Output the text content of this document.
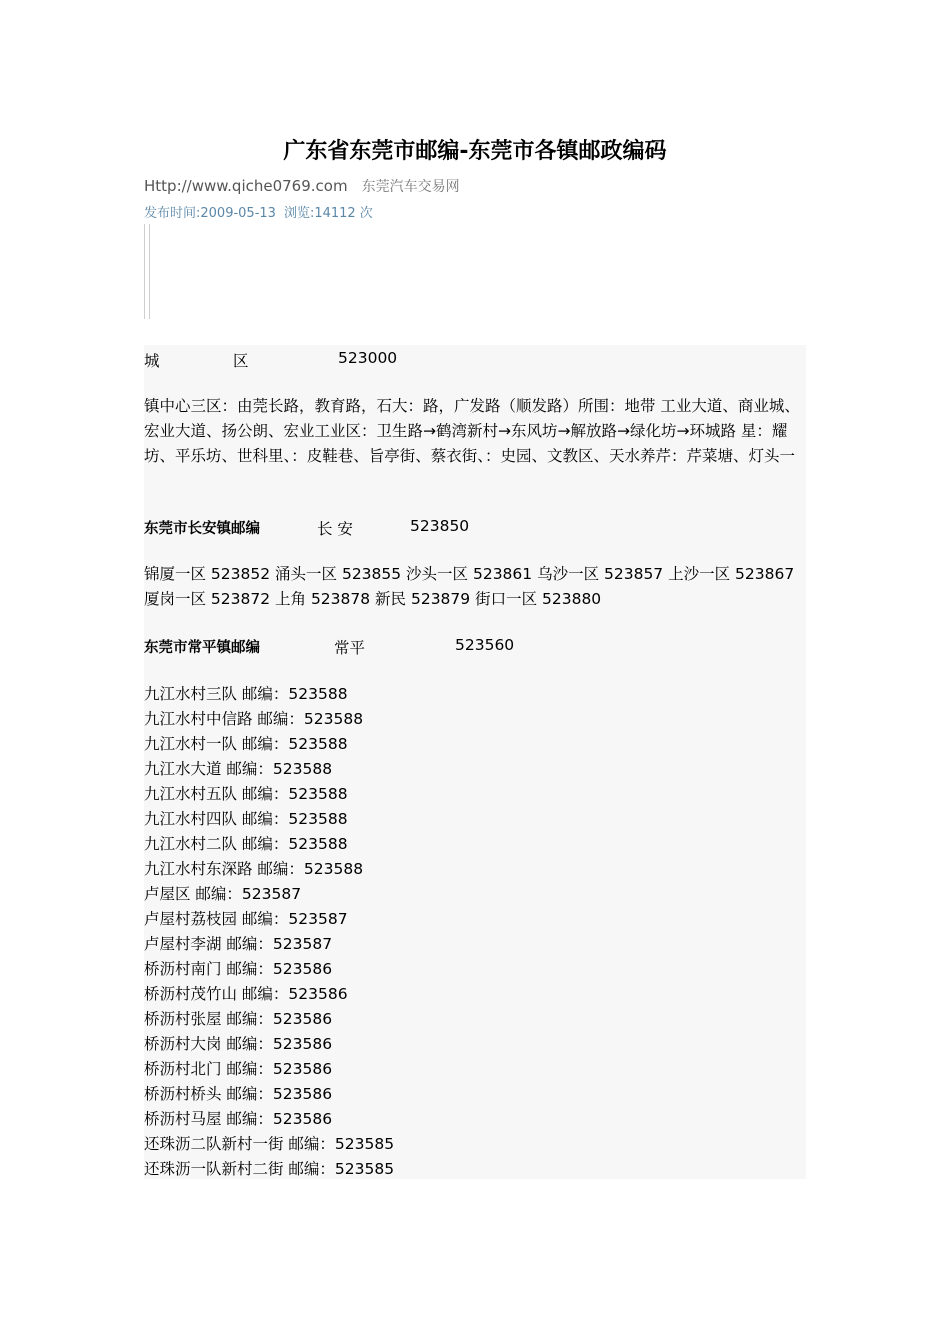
广东省东莞市邮编-东莞市各镇邮政编码
Http://www.qiche0769.com 东莞汽车交易网
发布时间:2009-05-13 浏览:14112 次
城	区	523000
镇中心三区：由莞长路，教育路，石大：路，广发路（顺发路）所围：地带 工业大道、商业城、宏业大道、扬公朗、宏业工业区：卫生路→鹤湾新村→东风坊→解放路→绿化坊→环城路 星：耀坊、平乐坊、世科里、：皮鞋巷、旨亭街、蔡衣街、：史园、文教区、天水养芹：芹菜塘、灯头一
东莞市长安镇邮编	长 安	523850
锦厦一区 523852 涌头一区 523855 沙头一区 523861 乌沙一区 523857 上沙一区 523867 厦岗一区 523872 上角 523878 新民 523879 街口一区 523880
东莞市常平镇邮编	常平	523560
九江水村三队 邮编：523588
九江水村中信路 邮编：523588
九江水村一队 邮编：523588
九江水大道 邮编：523588
九江水村五队 邮编：523588
九江水村四队 邮编：523588
九江水村二队 邮编：523588
九江水村东深路 邮编：523588
卢屋区 邮编：523587
卢屋村荔枝园 邮编：523587
卢屋村李湖 邮编：523587
桥沥村南门 邮编：523586
桥沥村茂竹山 邮编：523586
桥沥村张屋 邮编：523586
桥沥村大岗 邮编：523586
桥沥村北门 邮编：523586
桥沥村桥头 邮编：523586
桥沥村马屋 邮编：523586
还珠沥二队新村一街 邮编：523585
还珠沥一队新村二街 邮编：523585
